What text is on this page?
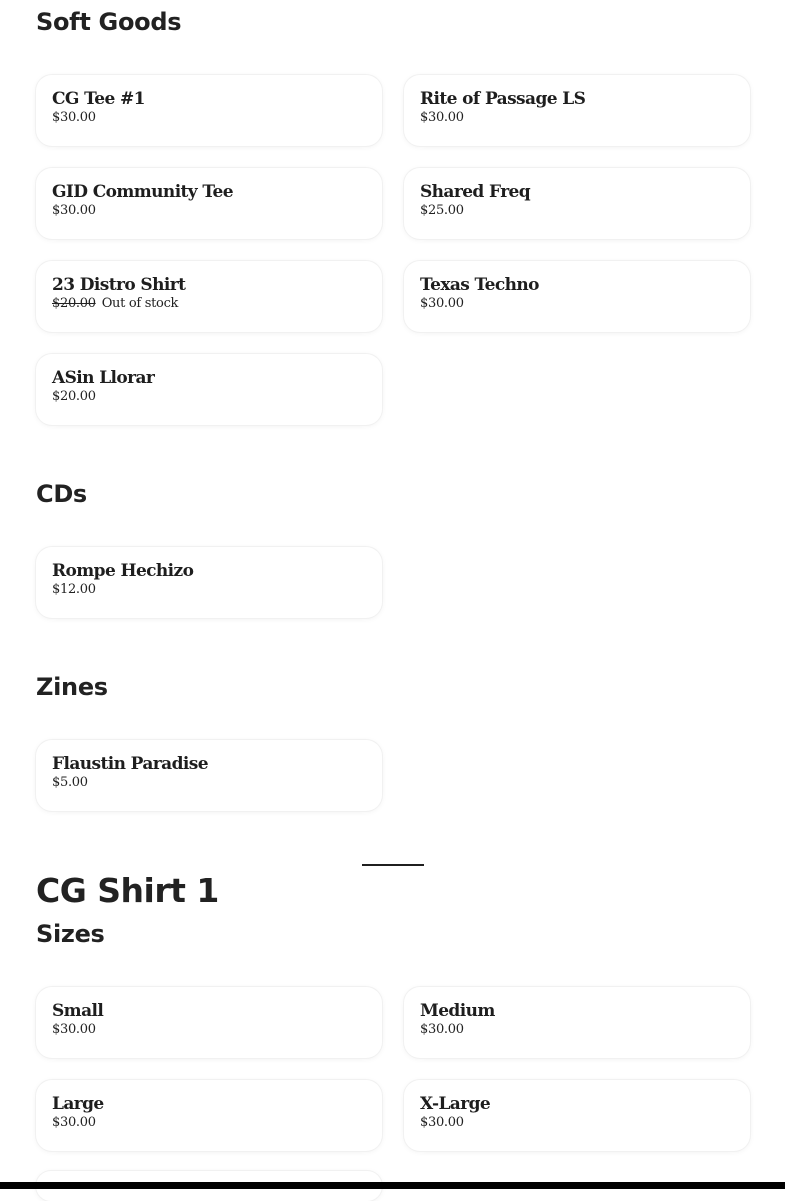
Soft Goods
CG Tee #1
$30.00
Rite of Passage LS
$30.00
GID Community Tee
$30.00
Shared Freq
$25.00
23 Distro Shirt
$20.00 Out of stock
Texas Techno
$30.00
ASin Llorar
$20.00
CDs
Rompe Hechizo
$12.00
Zines
Flaustin Paradise
$5.00
CG Shirt 1
Sizes
Small
$30.00
Medium
$30.00
Large
$30.00
X-Large
$30.00
